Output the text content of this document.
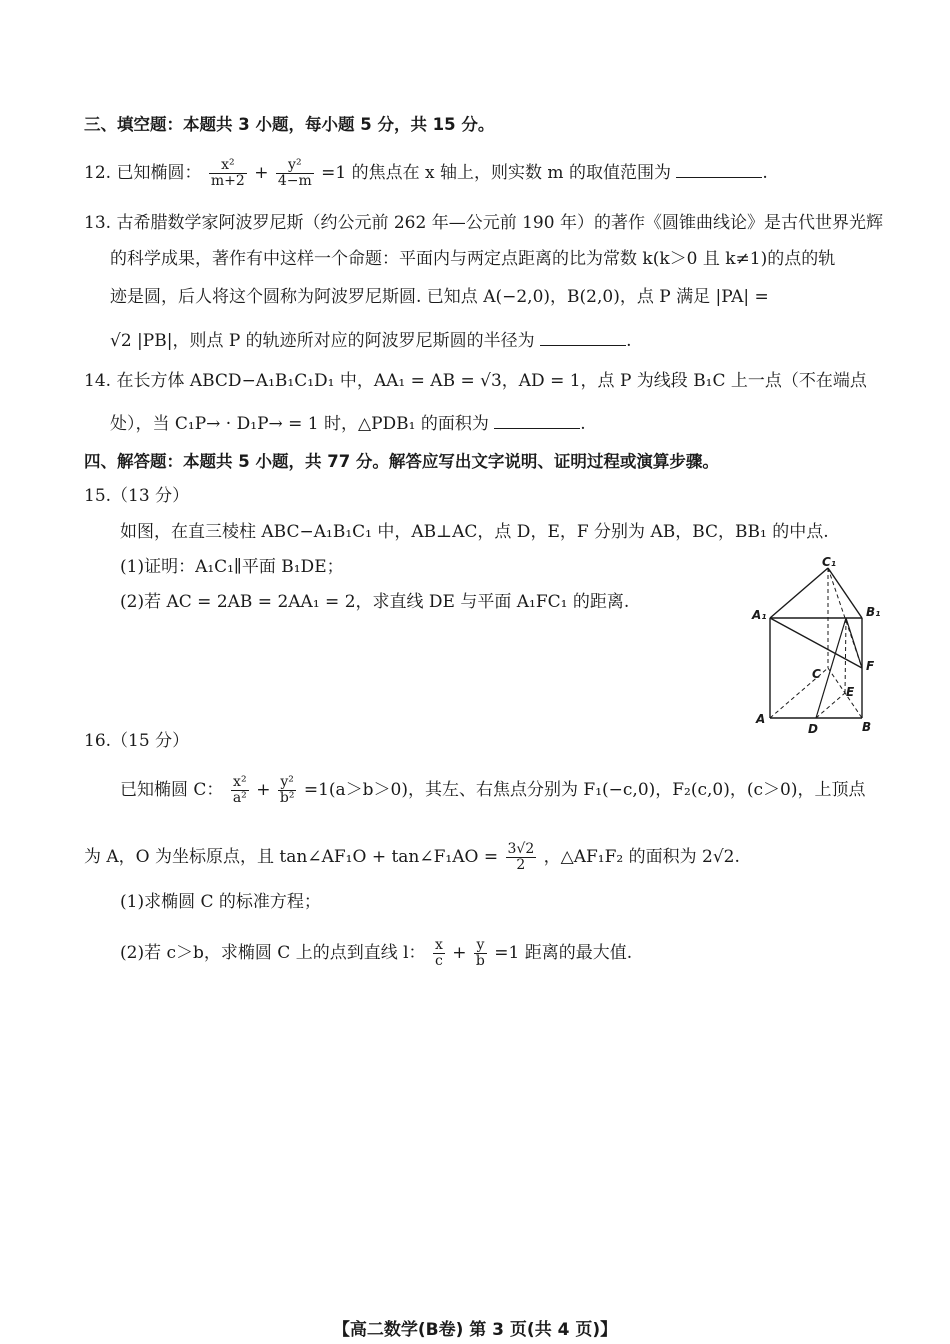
三、填空题：本题共 3 小题，每小题 5 分，共 15 分。
12. 已知椭圆： $\frac{\text{x²}}{m+2} + \frac{\text{y²}}{4-m} =1$ 的焦点在 x 轴上，则实数 m 的取值范围为	.
13. 古希腊数学家阿波罗尼斯（约公元前 262 年—公元前 190 年）的著作《圆锥曲线论》是古代世界光辉
的科学成果，著作有中这样一个命题：平面内与两定点距离的比为常数 k(k＞0 且 k≠1)的点的轨
迹是圆，后人将这个圆称为阿波罗尼斯圆. 已知点 A(−2,0)，B(2,0)，点 P 满足 |PA| =
√2 |PB|，则点 P 的轨迹所对应的阿波罗尼斯圆的半径为	.
14. 在长方体 ABCD−A₁B₁C₁D₁ 中，AA₁ = AB = √3，AD = 1，点 P 为线段 B₁C 上一点（不在端点
处），当 C₁P→ · D₁P→ = 1 时，△PDB₁ 的面积为	.
四、解答题：本题共 5 小题，共 77 分。解答应写出文字说明、证明过程或演算步骤。
15.（13 分）
如图，在直三棱柱 ABC−A₁B₁C₁ 中，AB⊥AC，点 D，E，F 分别为 AB，BC，BB₁ 的中点.
(1)证明：A₁C₁∥平面 B₁DE；
(2)若 AC = 2AB = 2AA₁ = 2，求直线 DE 与平面 A₁FC₁ 的距离.
C₁
A₁	B₁
C
F
E
A
D	B
16.（15 分）
已知椭圆 C： $\frac{\text{x²}}{\text{a²}} + \frac{\text{y²}}{\text{b²}} =1(a>b>0)$，其左、右焦点分别为 F₁(−c,0)，F₂(c,0)，(c＞0)，上顶点
为 A，O 为坐标原点，且 tan∠AF₁O + tan∠F₁AO = $\frac{3√2}{2}$ ，△AF₁F₂ 的面积为 2√2.
(1)求椭圆 C 的标准方程；
(2)若 c＞b，求椭圆 C 上的点到直线 l： $\frac{x}{c} + \frac{y}{b} =1$ 距离的最大值.
【高二数学(B卷) 第 3 页(共 4 页)】
